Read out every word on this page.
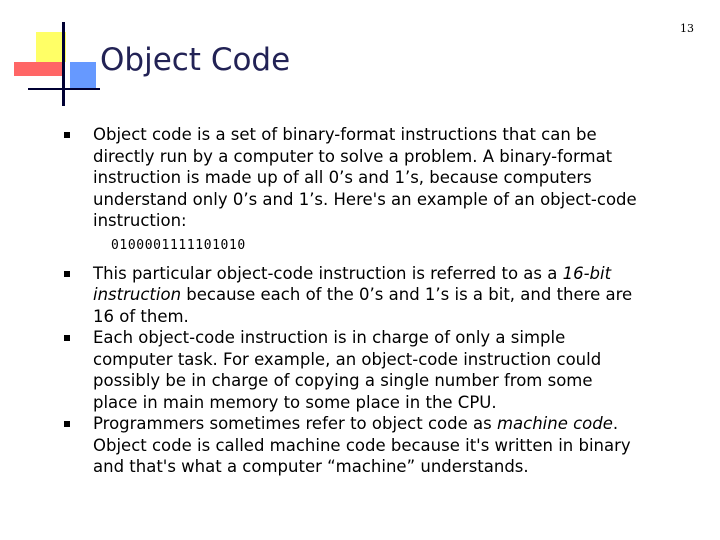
13
Object Code
Object code is a set of binary-format instructions that can be
directly run by a computer to solve a problem. A binary-format
instruction is made up of all 0’s and 1’s, because computers
understand only 0’s and 1’s. Here's an example of an object-code
instruction:
0100001111101010
This particular object-code instruction is referred to as a 16-bit
instruction because each of the 0’s and 1’s is a bit, and there are
16 of them.
Each object-code instruction is in charge of only a simple
computer task. For example, an object-code instruction could
possibly be in charge of copying a single number from some
place in main memory to some place in the CPU.
Programmers sometimes refer to object code as machine code.
Object code is called machine code because it's written in binary
and that's what a computer “machine” understands.
